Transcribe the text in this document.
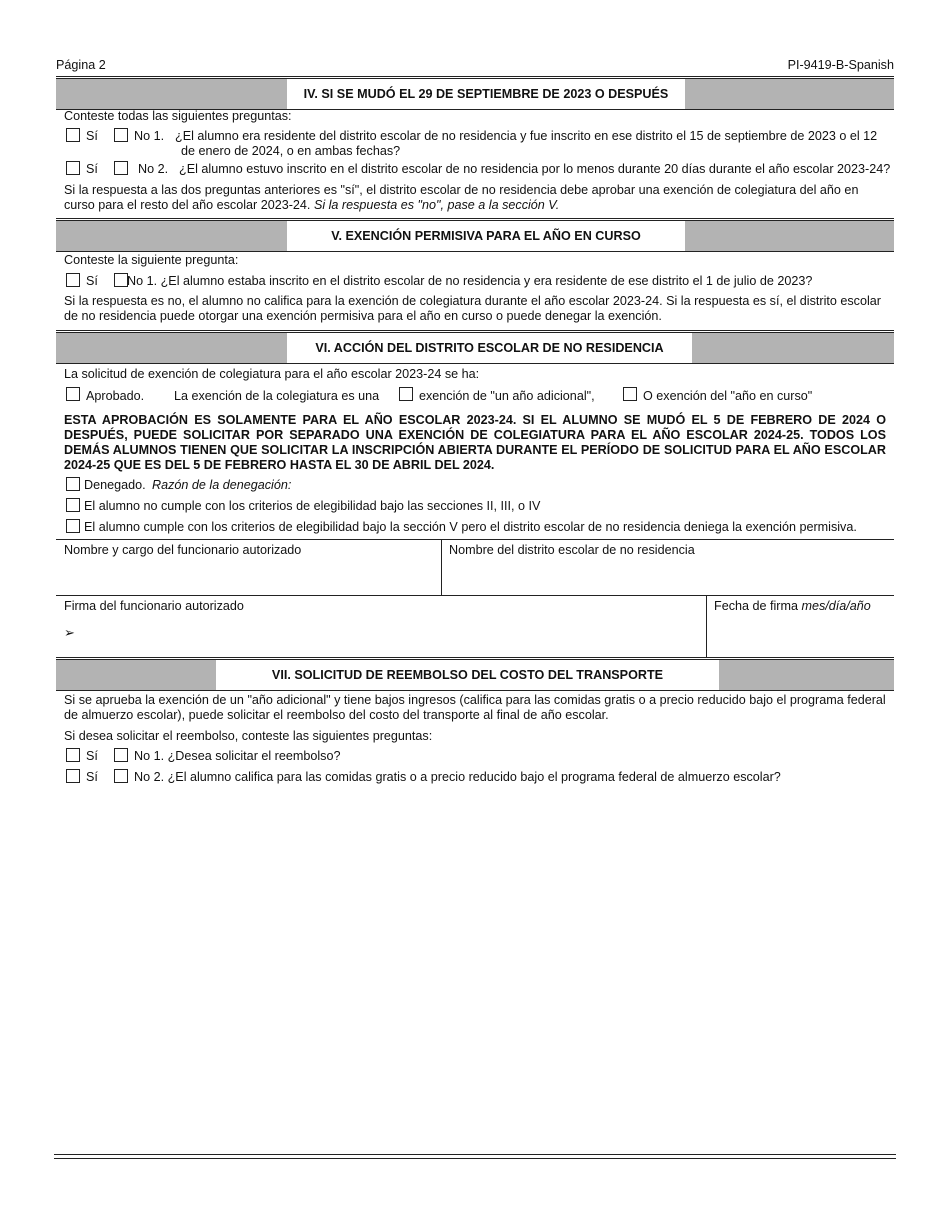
Página 2	PI-9419-B-Spanish
IV. SI SE MUDÓ EL 29 DE SEPTIEMBRE DE 2023 O DESPUÉS
Conteste todas las siguientes preguntas:
Sí	No 1. ¿El alumno era residente del distrito escolar de no residencia y fue inscrito en ese distrito el 15 de septiembre de 2023 o el 12
de enero de 2024, o en ambas fechas?
Sí	No 2. ¿El alumno estuvo inscrito en el distrito escolar de no residencia por lo menos durante 20 días durante el año escolar 2023-24?
Si la respuesta a las dos preguntas anteriores es "sí", el distrito escolar de no residencia debe aprobar una exención de colegiatura del año en curso para el resto del año escolar 2023-24. Si la respuesta es "no", pase a la sección V.
V. EXENCIÓN PERMISIVA PARA EL AÑO EN CURSO
Conteste la siguiente pregunta:
Sí No 1. ¿El alumno estaba inscrito en el distrito escolar de no residencia y era residente de ese distrito el 1 de julio de 2023?
Si la respuesta es no, el alumno no califica para la exención de colegiatura durante el año escolar 2023-24. Si la respuesta es sí, el distrito escolar de no residencia puede otorgar una exención permisiva para el año en curso o puede denegar la exención.
VI. ACCIÓN DEL DISTRITO ESCOLAR DE NO RESIDENCIA
La solicitud de exención de colegiatura para el año escolar 2023-24 se ha:
Aprobado. La exención de la colegiatura es una	exención de "un año adicional",	O exención del "año en curso"
ESTA APROBACIÓN ES SOLAMENTE PARA EL AÑO ESCOLAR 2023-24. SI EL ALUMNO SE MUDÓ EL 5 DE FEBRERO DE 2024 O DESPUÉS, PUEDE SOLICITAR POR SEPARADO UNA EXENCIÓN DE COLEGIATURA PARA EL AÑO ESCOLAR 2024-25. TODOS LOS DEMÁS ALUMNOS TIENEN QUE SOLICITAR LA INSCRIPCIÓN ABIERTA DURANTE EL PERÍODO DE SOLICITUD PARA EL AÑO ESCOLAR 2024-25 QUE ES DEL 5 DE FEBRERO HASTA EL 30 DE ABRIL DEL 2024.
Denegado. Razón de la denegación:
El alumno no cumple con los criterios de elegibilidad bajo las secciones II, III, o IV
El alumno cumple con los criterios de elegibilidad bajo la sección V pero el distrito escolar de no residencia deniega la exención permisiva.
Nombre y cargo del funcionario autorizado	Nombre del distrito escolar de no residencia
Firma del funcionario autorizado
➢
Fecha de firma mes/día/año
VII. SOLICITUD DE REEMBOLSO DEL COSTO DEL TRANSPORTE
Si se aprueba la exención de un "año adicional" y tiene bajos ingresos (califica para las comidas gratis o a precio reducido bajo el programa federal de almuerzo escolar), puede solicitar el reembolso del costo del transporte al final de año escolar.
Si desea solicitar el reembolso, conteste las siguientes preguntas:
Sí	No 1. ¿Desea solicitar el reembolso?
Sí	No 2. ¿El alumno califica para las comidas gratis o a precio reducido bajo el programa federal de almuerzo escolar?
